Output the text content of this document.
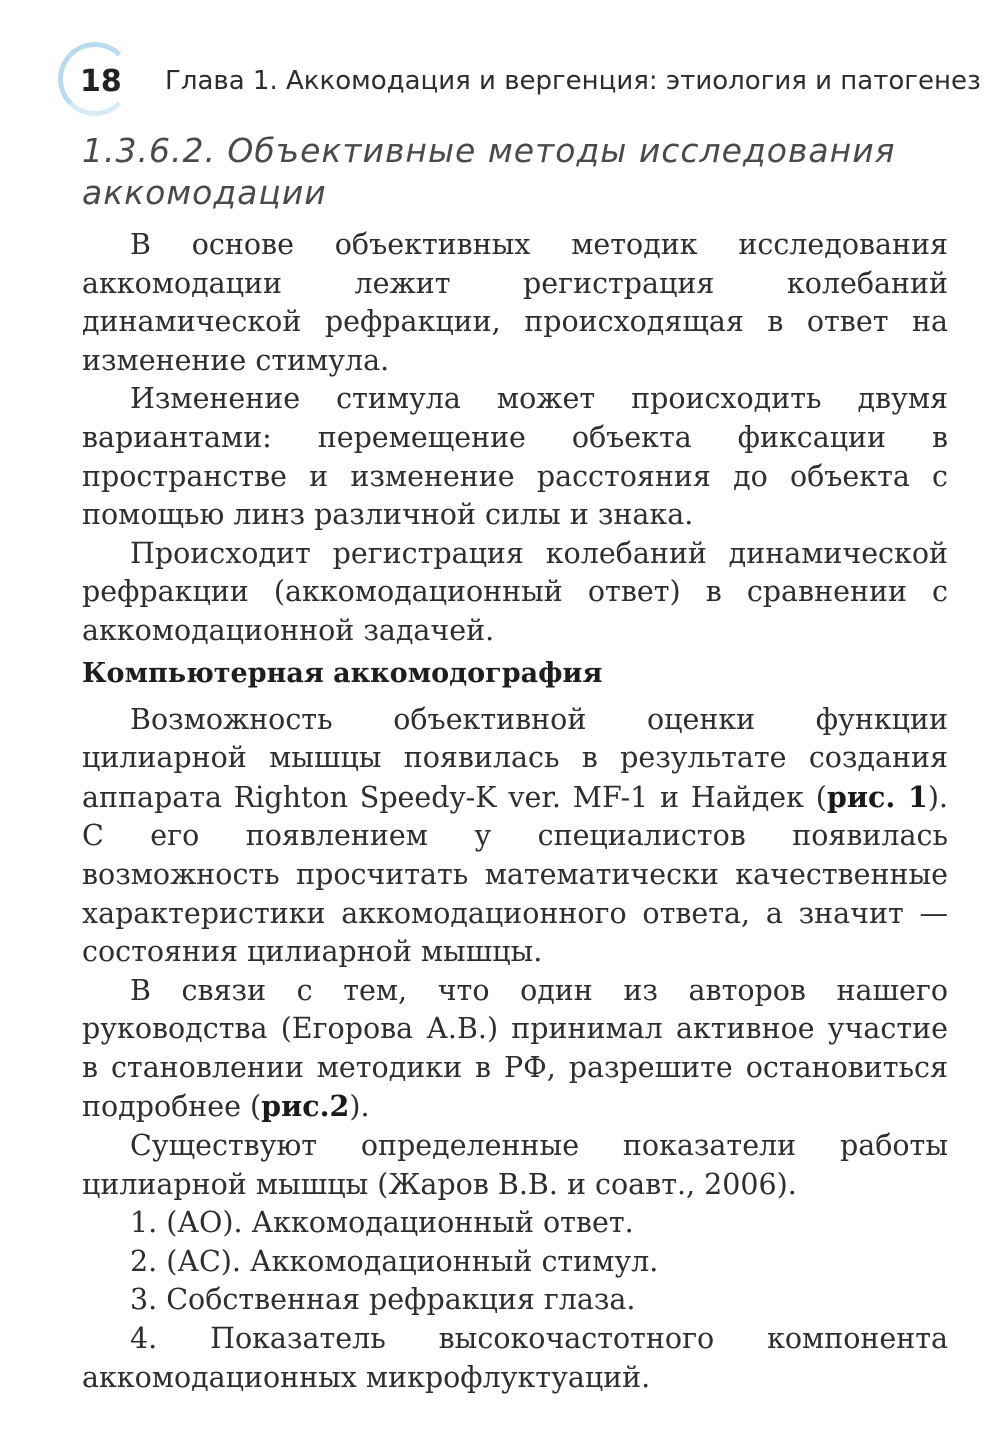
18 Глава 1. Аккомодация и вергенция: этиология и патогенез
1.3.6.2. Объективные методы исследования аккомодации

В основе объективных методик исследования аккомодации лежит регистрация колебаний динамической рефракции, происходящая в ответ на изменение стимула.

Изменение стимула может происходить двумя вариантами: перемещение объекта фиксации в пространстве и изменение расстояния до объекта с помощью линз различной силы и знака.

Происходит регистрация колебаний динамической рефракции (аккомодационный ответ) в сравнении с аккомодационной задачей.

Компьютерная аккомодография

Возможность объективной оценки функции цилиарной мышцы появилась в результате создания аппарата Righton Speedy-K ver. MF-1 и Найдек (рис. 1). С его появлением у специалистов появилась возможность просчитать математически качественные характеристики аккомодационного ответа, а значит — состояния цилиарной мышцы.

В связи с тем, что один из авторов нашего руководства (Егорова А.В.) принимал активное участие в становлении методики в РФ, разрешите остановиться подробнее (рис.2).

Существуют определенные показатели работы цилиарной мышцы (Жаров В.В. и соавт., 2006).

1. (АО). Аккомодационный ответ.

2. (АС). Аккомодационный стимул.

3. Собственная рефракция глаза.

4. Показатель высокочастотного компонента аккомодационных микрофлуктуаций.
